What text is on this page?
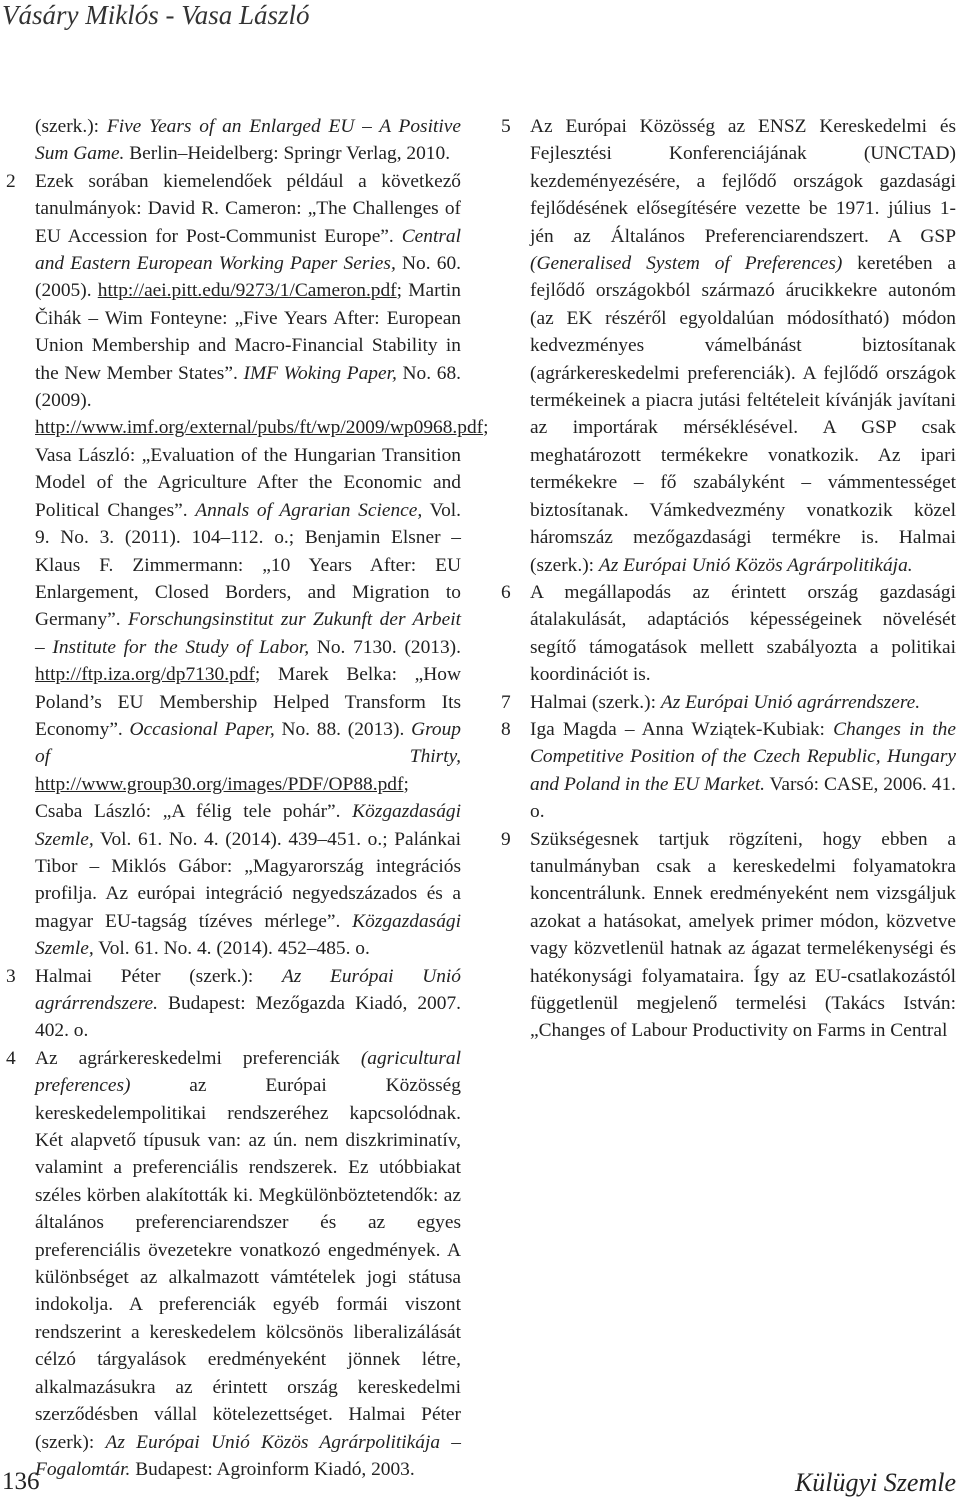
Vásáry Miklós - Vasa László

(szerk.): Five Years of an Enlarged EU – A Positive Sum Game. Berlin–Heidelberg: Springr Verlag, 2010.

2 Ezek sorában kiemelendőek például a következő tanulmányok: David R. Cameron: „The Challenges of EU Accession for Post-Communist Europe”. Central and Eastern European Working Paper Series, No. 60. (2005). http://aei.pitt.edu/9273/1/Cameron.pdf; Martin Čihák – Wim Fonteyne: „Five Years After: European Union Membership and Macro-Financial Stability in the New Member States”. IMF Woking Paper, No. 68. (2009). http://www.imf.org/external/pubs/ft/wp/2009/wp0968.pdf; Vasa László: „Evaluation of the Hungarian Transition Model of the Agriculture After the Economic and Political Changes”. Annals of Agrarian Science, Vol. 9. No. 3. (2011). 104–112. o.; Benjamin Elsner – Klaus F. Zimmermann: „10 Years After: EU Enlargement, Closed Borders, and Migration to Germany”. Forschungsinstitut zur Zukunft der Arbeit – Institute for the Study of Labor, No. 7130. (2013). http://ftp.iza.org/dp7130.pdf; Marek Belka: „How Poland’s EU Membership Helped Transform Its Economy”. Occasional Paper, No. 88. (2013). Group of Thirty, http://www.group30.org/images/PDF/OP88.pdf; Csaba László: „A félig tele pohár”. Közgazdasági Szemle, Vol. 61. No. 4. (2014). 439–451. o.; Palánkai Tibor – Miklós Gábor: „Magyarország integrációs profilja. Az európai integráció negyedszázados és a magyar EU-tagság tízéves mérlege”. Közgazdasági Szemle, Vol. 61. No. 4. (2014). 452–485. o.

3 Halmai Péter (szerk.): Az Európai Unió agrárrendszere. Budapest: Mezőgazda Kiadó, 2007. 402. o.

4 Az agrárkereskedelmi preferenciák (agricultural preferences) az Európai Közösség kereskedelempolitikai rendszeréhez kapcsolódnak. Két alapvető típusuk van: az ún. nem diszkriminatív, valamint a preferenciális rendszerek. Ez utóbbiakat széles körben alakították ki. Megkülönböztetendők: az általános preferenciarendszer és az egyes preferenciális övezetekre vonatkozó engedmények. A különbséget az alkalmazott vámtételek jogi státusa indokolja. A preferenciák egyéb formái viszont rendszerint a kereskedelem kölcsönös liberalizálását célzó tárgyalások eredményeként jönnek létre, alkalmazásukra az érintett ország kereskedelmi szerződésben vállal kötelezettséget. Halmai Péter (szerk): Az Európai Unió Közös Agrárpolitikája – Fogalomtár. Budapest: Agroinform Kiadó, 2003.

5 Az Európai Közösség az ENSZ Kereskedelmi és Fejlesztési Konferenciájának (UNCTAD) kezdeményezésére, a fejlődő országok gazdasági fejlődésének elősegítésére vezette be 1971. július 1-jén az Általános Preferenciarendszert. A GSP (Generalised System of Preferences) keretében a fejlődő országokból származó árucikkekre autonóm (az EK részéről egyoldalúan módosítható) módon kedvezményes vámelbánást biztosítanak (agrárkereskedelmi preferenciák). A fejlődő országok termékeinek a piacra jutási feltételeit kívánják javítani az importárak mérséklésével. A GSP csak meghatározott termékekre vonatkozik. Az ipari termékekre – fő szabályként – vámmentességet biztosítanak. Vámkedvezmény vonatkozik közel háromszáz mezőgazdasági termékre is. Halmai (szerk.): Az Európai Unió Közös Agrárpolitikája.

6 A megállapodás az érintett ország gazdasági átalakulását, adaptációs képességeinek növelését segítő támogatások mellett szabályozta a politikai koordinációt is.

7 Halmai (szerk.): Az Európai Unió agrárrendszere.

8 Iga Magda – Anna Wziątek-Kubiak: Changes in the Competitive Position of the Czech Republic, Hungary and Poland in the EU Market. Varsó: CASE, 2006. 41. o.

9 Szükségesnek tartjuk rögzíteni, hogy ebben a tanulmányban csak a kereskedelmi folyamatokra koncentrálunk. Ennek eredményeként nem vizsgáljuk azokat a hatásokat, amelyek primer módon, közvetve vagy közvetlenül hatnak az ágazat termelékenységi és hatékonysági folyamataira. Így az EU-csatlakozástól függetlenül megjelenő termelési (Takács István: „Changes of Labour Productivity on Farms in Central

136	Külügyi Szemle
